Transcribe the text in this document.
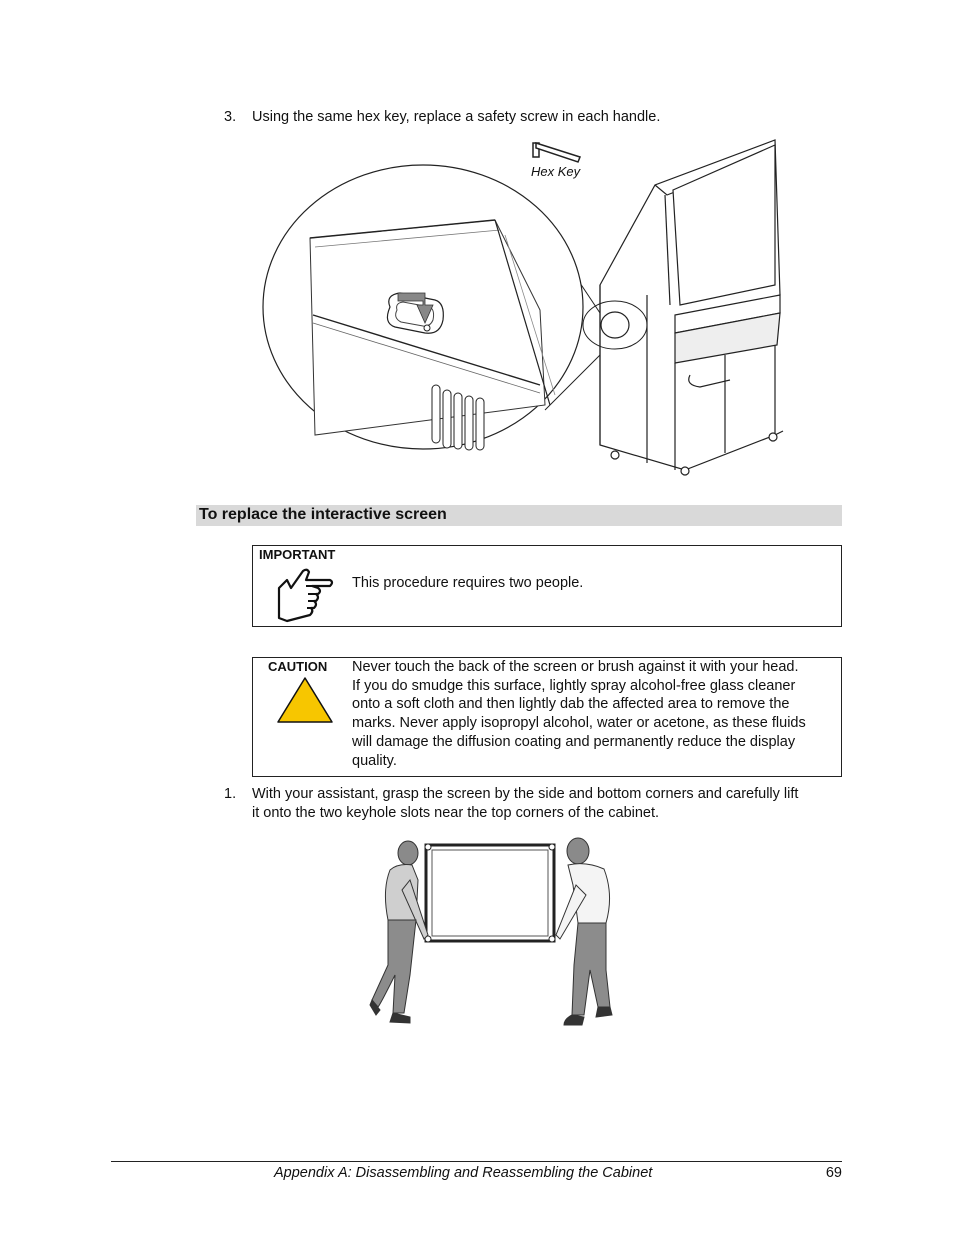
3. Using the same hex key, replace a safety screw in each handle.
Hex Key
To replace the interactive screen
IMPORTANT
This procedure requires two people.
CAUTION Never touch the back of the screen or brush against it with your head.
If you do smudge this surface, lightly spray alcohol-free glass cleaner
onto a soft cloth and then lightly dab the affected area to remove the
marks. Never apply isopropyl alcohol, water or acetone, as these fluids
will damage the diffusion coating and permanently reduce the display
quality.
1. With your assistant, grasp the screen by the side and bottom corners and carefully lift
it onto the two keyhole slots near the top corners of the cabinet.
Appendix A: Disassembling and Reassembling the Cabinet	69
